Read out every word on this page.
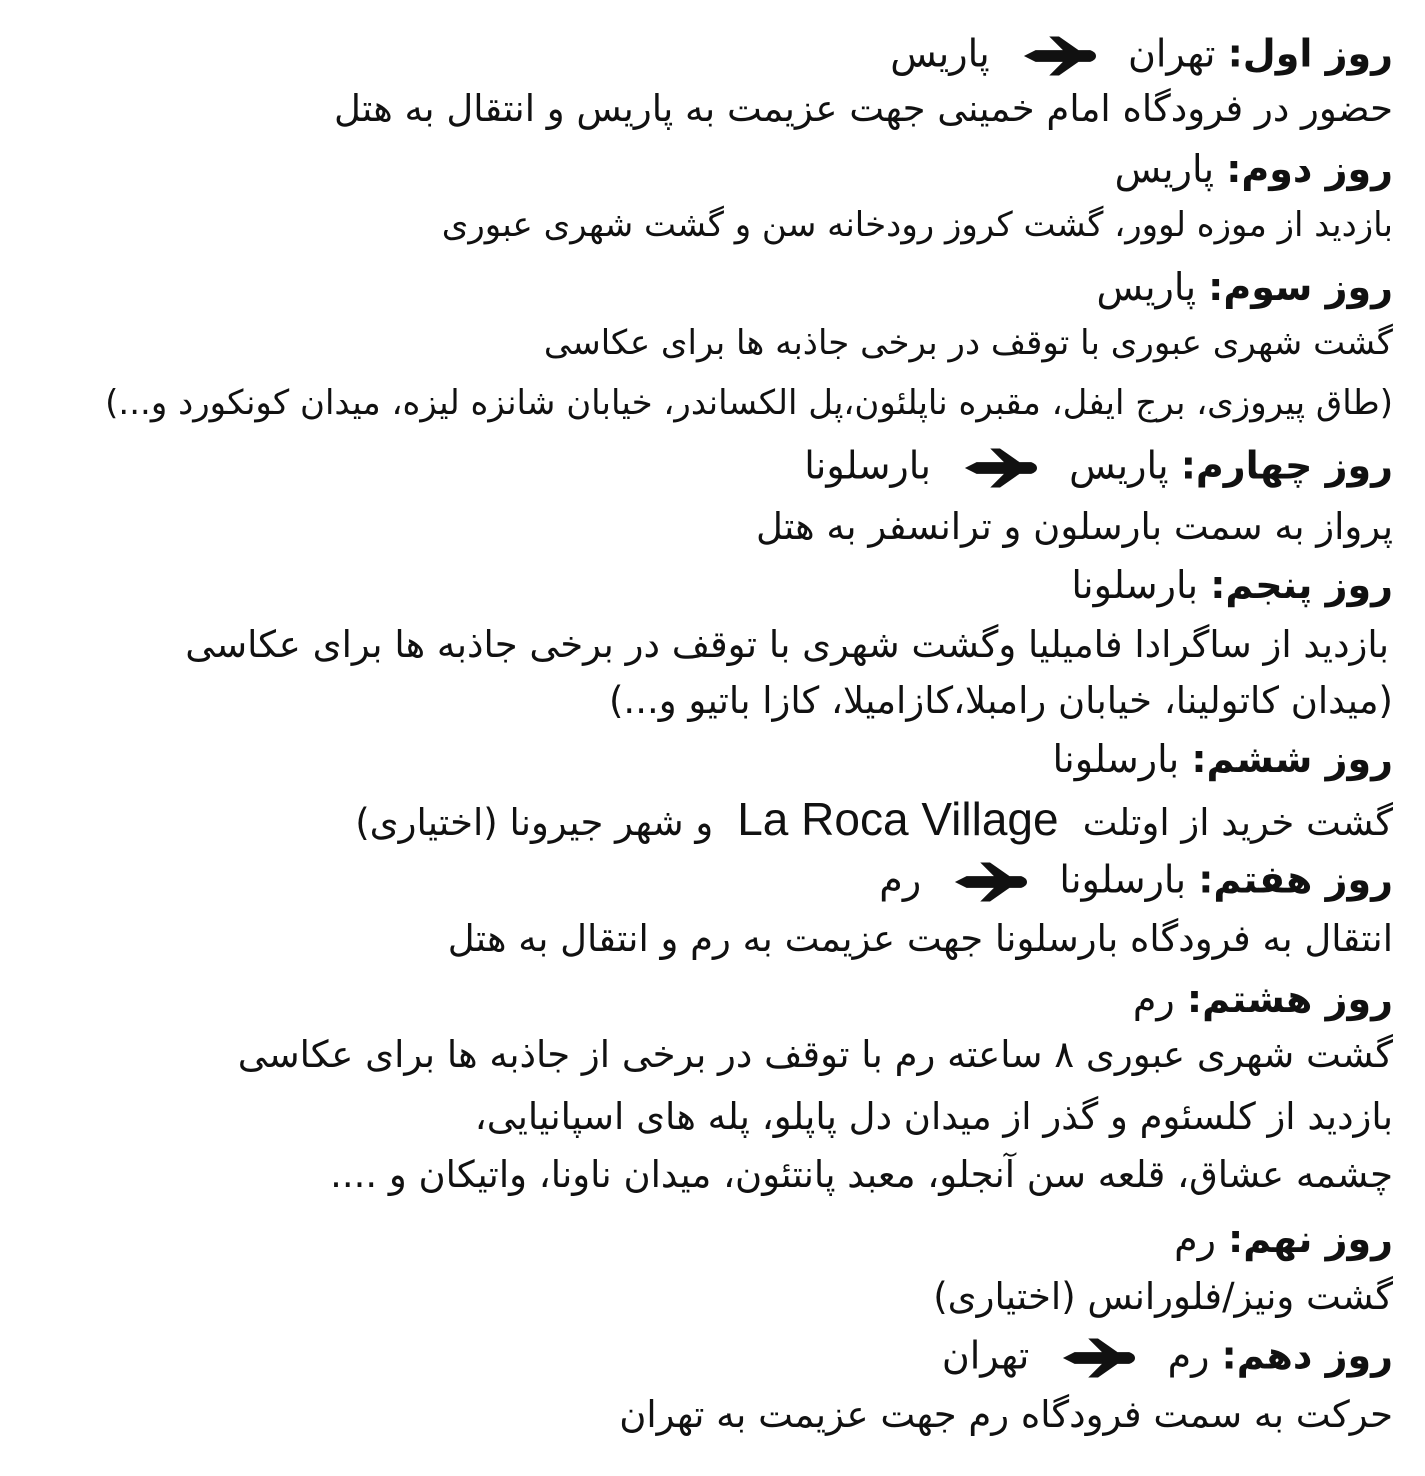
روز اول: تهران
پاریس
حضور در فرودگاه امام خمینی جهت عزیمت به پاریس و انتقال به هتل
روز دوم: پاریس
بازدید از موزه لوور، گشت کروز رودخانه سن و گشت شهری عبوری
روز سوم: پاریس
گشت شهری عبوری با توقف در برخی جاذبه ها برای عکاسی
(طاق پیروزی، برج ایفل، مقبره ناپلئون،پل الکساندر، خیابان شانزه لیزه، میدان کونکورد و...)
روز چهارم: پاریس
بارسلونا
پرواز به سمت بارسلون و ترانسفر به هتل
روز پنجم: بارسلونا
بازدید از ساگرادا فامیلیا وگشت شهری با توقف در برخی جاذبه ها برای عکاسی
(میدان کاتولینا، خیابان رامبلا،کازامیلا، کازا باتیو و...)
روز ششم: بارسلونا
گشت خرید از اوتلتLa Roca Villageو شهر جیرونا (اختیاری)
روز هفتم: بارسلونا
رم
انتقال به فرودگاه بارسلونا جهت عزیمت به رم و انتقال به هتل
روز هشتم: رم
گشت شهری عبوری ۸ ساعته رم با توقف در برخی از جاذبه ها برای عکاسی
بازدید از کلسئوم و گذر از میدان دل پاپلو، پله های اسپانیایی،
چشمه عشاق، قلعه سن آنجلو، معبد پانتئون، میدان ناونا، واتیکان و ....
روز نهم: رم
گشت ونیز/فلورانس (اختیاری)
روز دهم: رم
تهران
حرکت به سمت فرودگاه رم جهت عزیمت به تهران
